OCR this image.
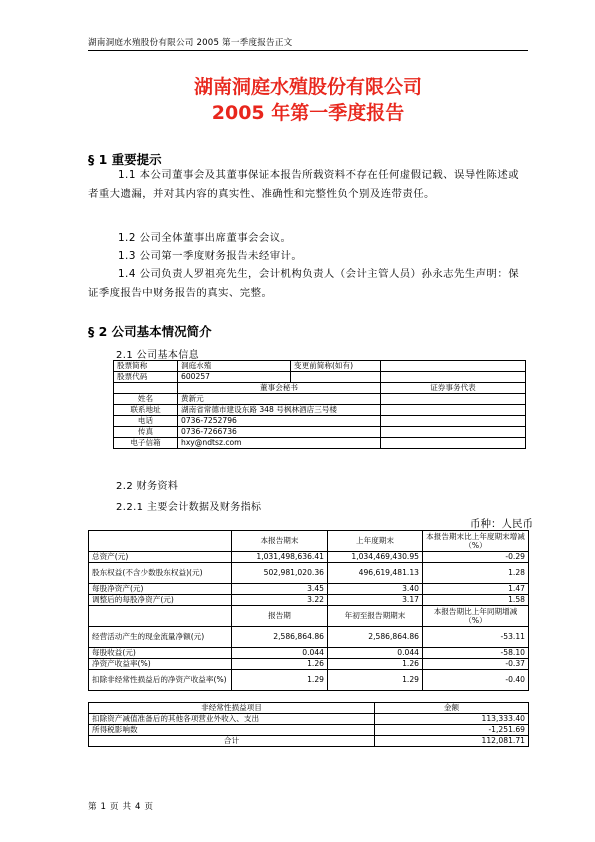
湖南洞庭水殖股份有限公司 2005 第一季度报告正文
湖南洞庭水殖股份有限公司
2005 年第一季度报告
§ 1 重要提示
1.1 本公司董事会及其董事保证本报告所载资料不存在任何虚假记载、误导性陈述或者重大遗漏，并对其内容的真实性、准确性和完整性负个别及连带责任。
1.2 公司全体董事出席董事会会议。
1.3 公司第一季度财务报告未经审计。
1.4 公司负责人罗祖亮先生，会计机构负责人（会计主管人员）孙永志先生声明：保证季度报告中财务报告的真实、完整。
§ 2 公司基本情况简介
2.1 公司基本信息
股票简称	洞庭水殖	变更前简称(如有)	
股票代码	600257		
	董事会秘书		证券事务代表
姓名	黄新元		
联系地址	湖南省常德市建设东路 348 号枫林酒店三号楼		
电话	0736-7252796		
传真	0736-7266736		
电子信箱	hxy@ndtsz.com		
2.2 财务资料
2.2.1 主要会计数据及财务指标
币种：人民币
	本报告期末	上年度期末	本报告期末比上年度期末增减（%）
总资产(元)	1,031,498,636.41	1,034,469,430.95	-0.29
股东权益(不含少数股东权益)(元)	502,981,020.36	496,619,481.13	1.28
每股净资产(元)	3.45	3.40	1.47
调整后的每股净资产(元)	3.22	3.17	1.58
	报告期	年初至报告期期末	本报告期比上年同期增减（%）
经营活动产生的现金流量净额(元)	2,586,864.86	2,586,864.86	-53.11
每股收益(元)	0.044	0.044	-58.10
净资产收益率(%)	1.26	1.26	-0.37
扣除非经常性损益后的净资产收益率(%)	1.29	1.29	-0.40
非经常性损益项目	金额
扣除资产减值准备后的其他各项营业外收入、支出	113,333.40
所得税影响数	-1,251.69
合计	112,081.71
第 1 页 共 4 页
